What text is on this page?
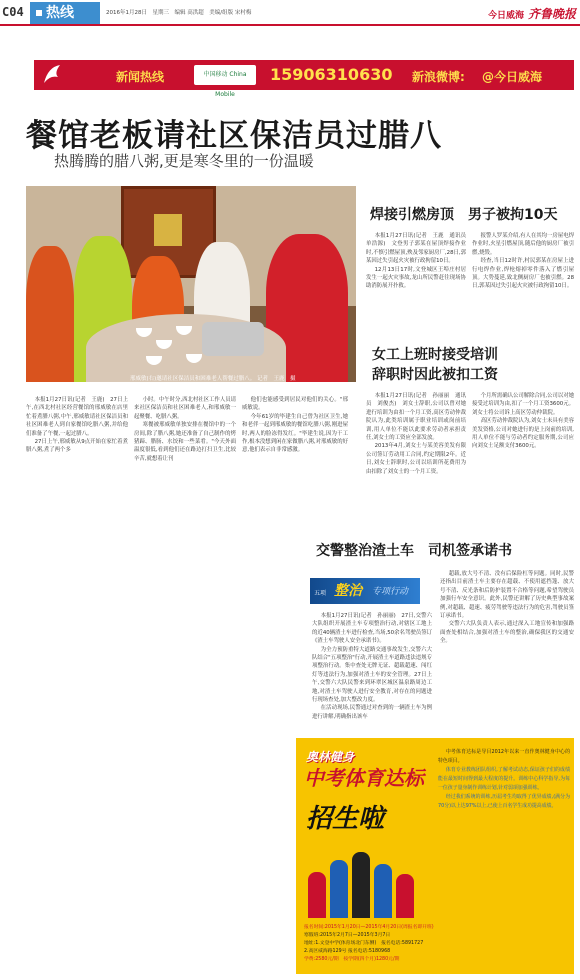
C04	热线	2016年1月28日　星期三　编辑 高洪超　美编/组版 宋村梅	今日威海 齐鲁晚报
新闻热线	中国移动 China Mobile
15906310630 新浪微博: @今日威海
餐馆老板请社区保洁员过腊八
热腾腾的腊八粥,更是寒冬里的一份温暖
邢威敏(右)邀请社区保洁员和困难老人帮餐过腊八。 记者　王鹿　摄

本报1月27日讯(记者　王鹿)　27日上午,在西北村社区经营餐馆的邢威敏在店里忙着煮腊八粥,中午,邢威敏请社区保洁员和社区困难老人到自家餐馆吃腊八粥,并给他们准备了午餐,一起过腊八。

27日上午,邢威敏从9点开始在家忙着煮腊八粥,煮了两个多

小时。中午时分,西北村社区工作人员请来社区保洁员和社区困难老人,和邢威敏一起聚餐、吃腊八粥。

寒餐被邢威敏单独安排在餐馆中的一个房间,除了腊八粥,她还准备了自己制作的烤猪蹄、腊肠、水饺和一些菜肴。"今天外面温度很低,看到他们还在路边打扫卫生,比较辛苦,就想着让刊

他们也能感受到居民对他们的关心。"邢威敏说。

今年61岁的毕建生自己曾为社区卫生,她和老伴一起到邢威敏的餐馆吃腊八粥,刚进屋时,两人的脸冻得发红。"毕建生说,因为干工作,根本没想到闲在家做腊八粥,对邢威敏的好意,他们表示自非常感激。

焊接引燃房顶　男子被拘10天

本报1月27日讯(记者　王鹿　通讯员　单浩源)　文登男子郭某在屋顶焊接作业时,不慎引燃屋顶,殃及邻家厨房厂,28日,郭某因过失引起火灾被行政拘留10日。

12月13日17时,文登城区王埠庄村居发生一起火灾事故,龙山所民警赶往现场协助消防展开扑救。

报警人罗某介绍,有人在其均一房屋电焊作业时,火星引燃屋顶,随后他的厨房厂被引燃,烧毁。

经查,当日12时许,村民郭某在房屋上进行电焊作业,焊枪熔掉零件落入了燃引屋顶。大势蔓延,致北侧厨房厂也被引燃。28日,郭某因过失引起火灾被行政拘留10日。

女工上班时接受培训
辞职时因此被扣工资

本报1月27日讯(记者　孙丽丽　通讯员　刘俊杰)　刘女士辞职,公司以曾对她进行培训为由扣一个月工资,高区劳动仲裁院认为,此类培训属于职业培训或岗前培训,用人单位不能以此要求劳动者承担责任,刘女士的工资应全部发放。

2013年4月,刘女士与某美容美发有限公司签订劳动用工合同,约定期限2年。近日,刘女士辞职时,公司以培训所花费用为由扣除了刘女士的一个月工资。

个月所需确认公司解除合同,公司以对她接受过培训为由,扣了一个月工资3600元。刘女士将公司诉上高区劳动仲裁院。

高区劳动仲裁院认为,刘女士未具有美容美发资格,公司对她进行的是上岗前的培训,用人单位不能与劳动者约定服务期,公司应向刘女士足额支付3600元。

交警整治渣土车　司机签承诺书
五项 整治 专项行动

本报1月27日讯(记者　孙丽丽)　27日,交警六大队组织开展渣土车专项整治行动,对辖区工地上的近40辆渣土车进行检查,当场,50余名驾驶员签订《渣土车驾驶人安全承诺书》。

为全力预防重特大道路交通事故发生,交警六大队结合"五项整治"行动,开展渣土车道路违法违规专项整治行动。集中查处无牌无证、超载超速、闯红灯等违法行为,加强对渣土车的安全管理。27日上午,交警六大队民警来到环翠区城区温泉路周边工地,对渣土车驾驶人进行安全教育,对存在的问题进行现场查处,加大整改力度。

在活动现场,民警通过对查到的一辆渣土车为例进行讲解,明确指出该车

超载,放大号不清、没有后保险杠等问题。同时,民警还指出目前渣土车主要存在超载、不使用遮挡篷、放大号不清、反光条和后防护装置不合格等问题,希望驾驶员加强行车安全意识。此外,民警还讲解了历史典型事故案例,对超载、超速、疲劳驾驶等违法行为的危害,驾驶员签订承诺书。

交警六大队负责人表示,通过深入工地宣传和加强路面查处相结合,加强对渣土车的整治,确保我区的交通安全。

奥林健身
中考体育达标
招生啦

中考体育达标是导目2012年以来一直作奥林健身中心的特色项目。

体育专业教练团队组织,了解考试动态,保证孩子们的成绩能在最短时间得到最大程度的提升。训练中心科学指导,为每一位孩子量身制作训练计划,针对弱项加强训练。

经过我们系统的训练,历届考生均取得了优异成绩,(满分为70分)以上达97%以上,已使上百名学生成功提高成绩。

报名时间:2015年1月20日—2015年4月20日(周报名即开班)
寒假班:2015年2月7日—2015年3月7日
地址:1.文登中学(体育场北门东侧)　报名电话:5891727
2.高区威海路129号 报名电话:5180968
学费:2580元/期　按学期(四个月)1280元/期
